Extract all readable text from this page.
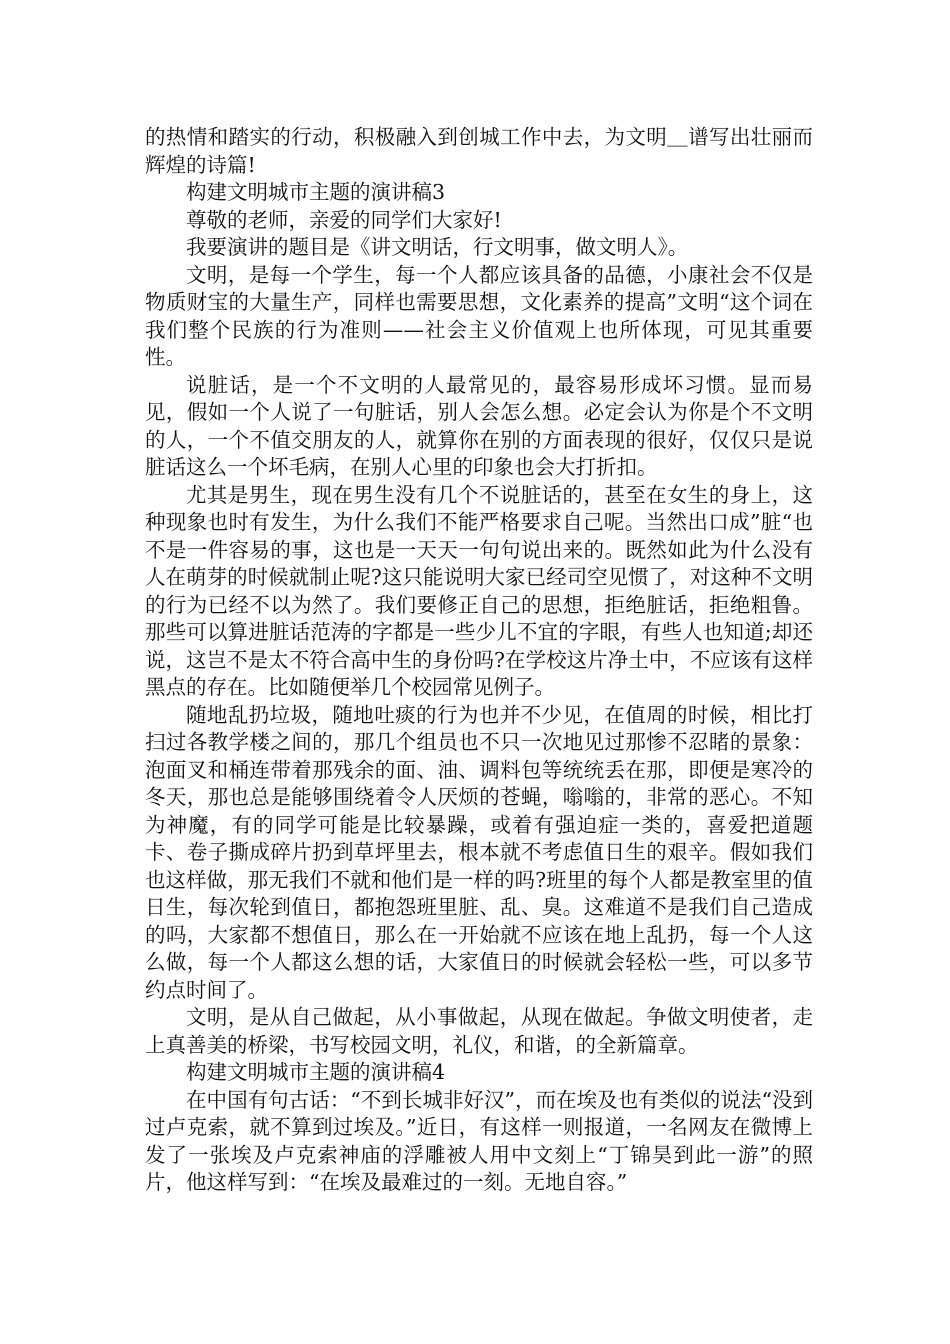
的热情和踏实的行动，积极融入到创城工作中去，为文明＿谱写出壮丽而辉煌的诗篇!

构建文明城市主题的演讲稿3

尊敬的老师，亲爱的同学们大家好!

我要演讲的题目是《讲文明话，行文明事，做文明人》。

文明，是每一个学生，每一个人都应该具备的品德，小康社会不仅是物质财宝的大量生产，同样也需要思想，文化素养的提高”文明“这个词在我们整个民族的行为准则——社会主义价值观上也所体现，可见其重要性。

说脏话，是一个不文明的人最常见的，最容易形成坏习惯。显而易见，假如一个人说了一句脏话，别人会怎么想。必定会认为你是个不文明的人，一个不值交朋友的人，就算你在别的方面表现的很好，仅仅只是说脏话这么一个坏毛病，在别人心里的印象也会大打折扣。

尤其是男生，现在男生没有几个不说脏话的，甚至在女生的身上，这种现象也时有发生，为什么我们不能严格要求自己呢。当然出口成”脏“也不是一件容易的事，这也是一天天一句句说出来的。既然如此为什么没有人在萌芽的时候就制止呢?这只能说明大家已经司空见惯了，对这种不文明的行为已经不以为然了。我们要修正自己的思想，拒绝脏话，拒绝粗鲁。那些可以算进脏话范涛的字都是一些少儿不宜的字眼，有些人也知道;却还说，这岂不是太不符合高中生的身份吗?在学校这片净土中，不应该有这样黑点的存在。比如随便举几个校园常见例子。

随地乱扔垃圾，随地吐痰的行为也并不少见，在值周的时候，相比打扫过各教学楼之间的，那几个组员也不只一次地见过那惨不忍睹的景象：泡面叉和桶连带着那残余的面、油、调料包等统统丢在那，即便是寒冷的冬天，那也总是能够围绕着令人厌烦的苍蝇，嗡嗡的，非常的恶心。不知为神魔，有的同学可能是比较暴躁，或着有强迫症一类的，喜爱把道题卡、卷子撕成碎片扔到草坪里去，根本就不考虑值日生的艰辛。假如我们也这样做，那无我们不就和他们是一样的吗?班里的每个人都是教室里的值日生，每次轮到值日，都抱怨班里脏、乱、臭。这难道不是我们自己造成的吗，大家都不想值日，那么在一开始就不应该在地上乱扔，每一个人这么做，每一个人都这么想的话，大家值日的时候就会轻松一些，可以多节约点时间了。

文明，是从自己做起，从小事做起，从现在做起。争做文明使者，走上真善美的桥梁，书写校园文明，礼仪，和谐，的全新篇章。

构建文明城市主题的演讲稿4

在中国有句古话：“不到长城非好汉”，而在埃及也有类似的说法“没到过卢克索，就不算到过埃及。”近日，有这样一则报道，一名网友在微博上发了一张埃及卢克索神庙的浮雕被人用中文刻上“丁锦昊到此一游”的照片，他这样写到：“在埃及最难过的一刻。无地自容。”
